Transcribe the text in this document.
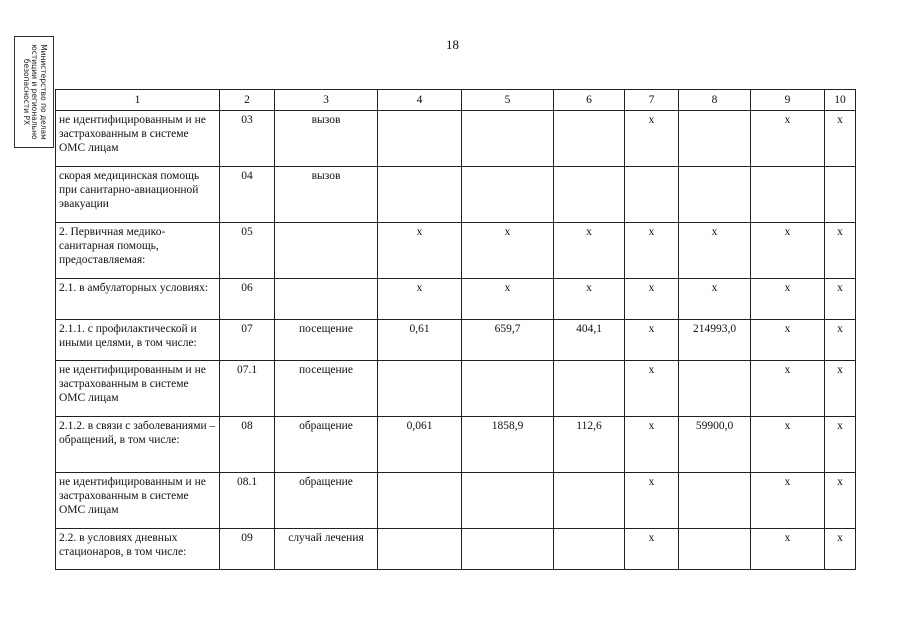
18
Министерство по делам
юстиции и регионально
безопасности РХ	1	2	3	4	5	6	7	8	9	10
не идентифицированным и не застрахованным в системе ОМС лицам	03	вызов				х		х	х
скорая медицинская помощь при санитарно-авиационной эвакуации	04	вызов							
2. Первичная медико-санитарная помощь, предоставляемая:	05		х	х	х	х	х	х	х
2.1. в амбулаторных условиях:	06		х	х	х	х	х	х	х
2.1.1. с профилактической и иными целями, в том числе:	07	посещение	0,61	659,7	404,1	х	214993,0	х	х
не идентифицированным и не застрахованным в системе ОМС лицам	07.1	посещение				х		х	х
2.1.2. в связи с заболеваниями – обращений, в том числе:	08	обращение	0,061	1858,9	112,6	х	59900,0	х	х
не идентифицированным и не застрахованным в системе ОМС лицам	08.1	обращение				х		х	х
2.2. в условиях дневных стационаров, в том числе:	09	случай лечения				х		х	х
